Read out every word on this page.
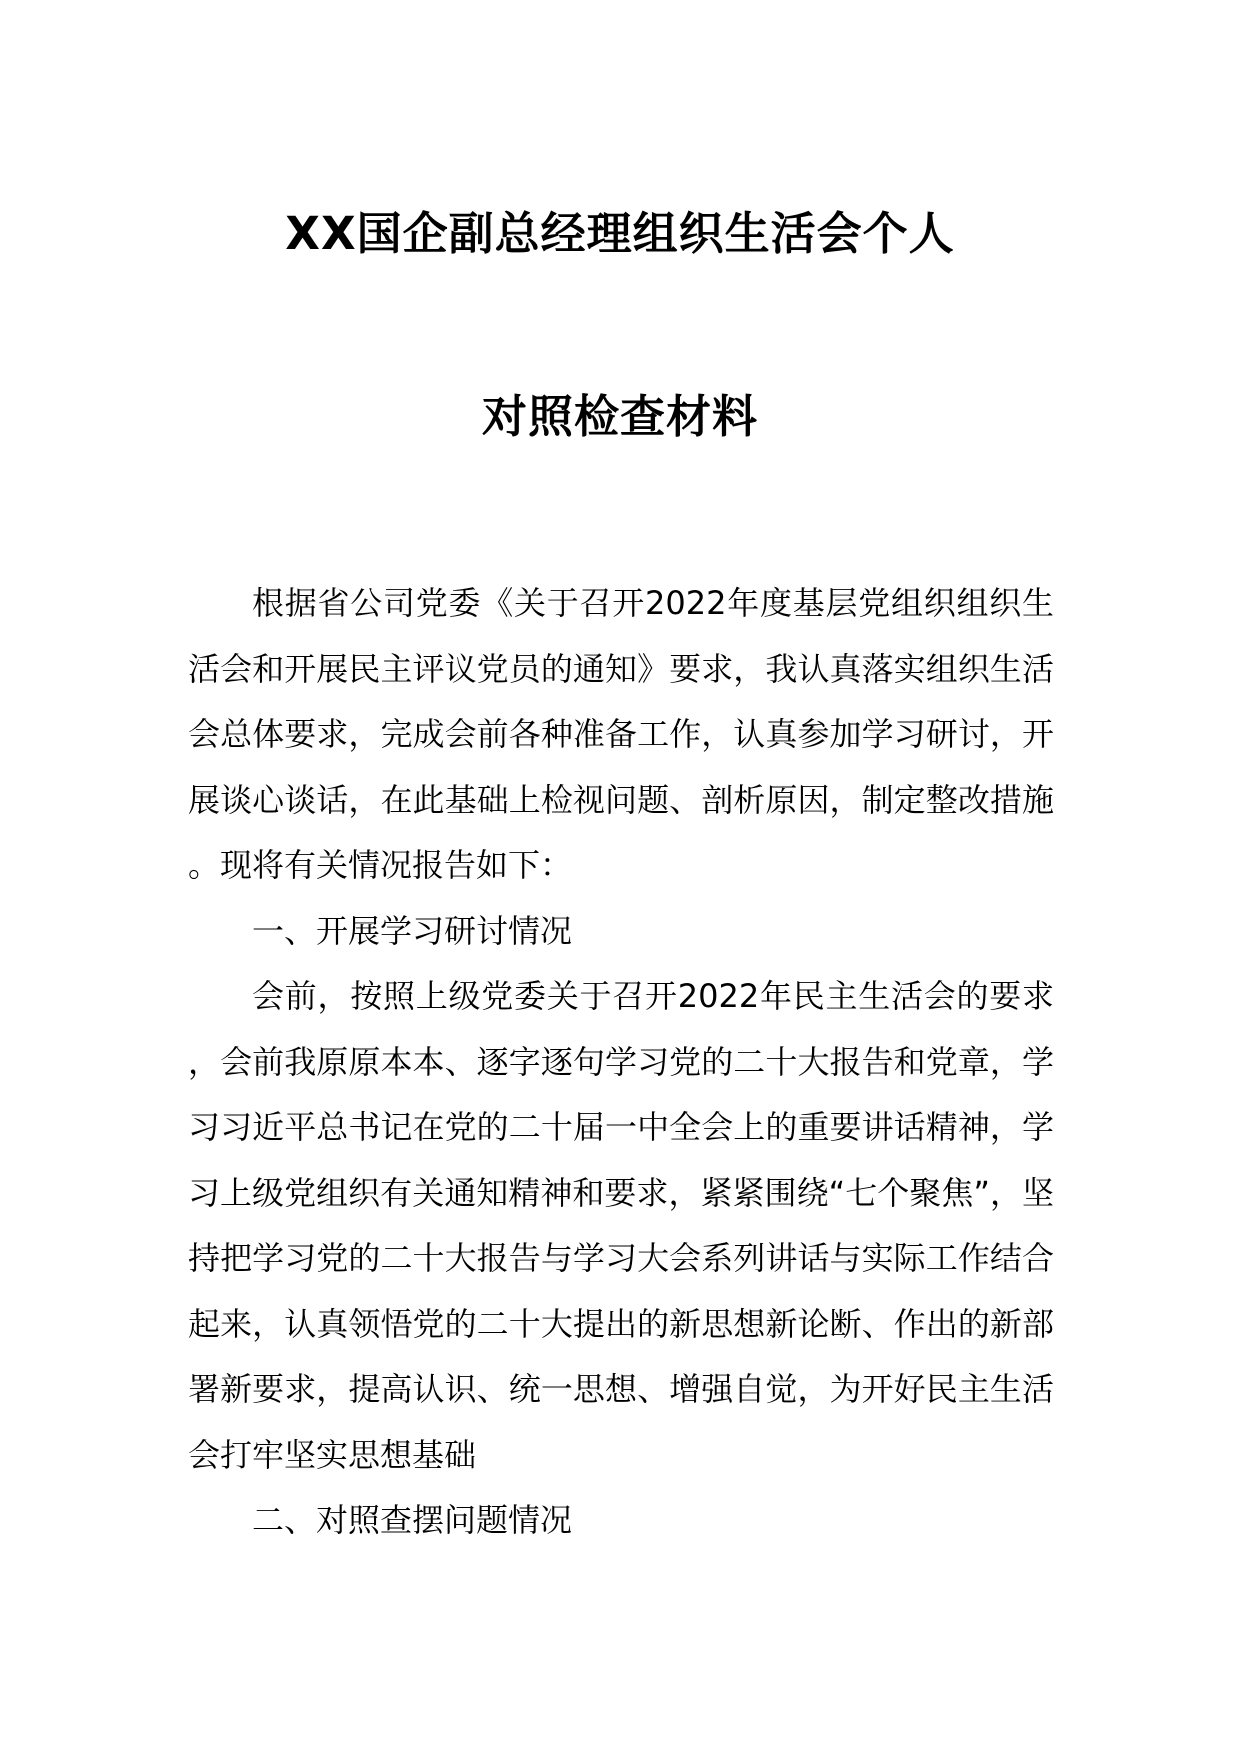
XX国企副总经理组织生活会个人
对照检查材料

根据省公司党委《关于召开2022年度基层党组织组织生活会和开展民主评议党员的通知》要求，我认真落实组织生活会总体要求，完成会前各种准备工作，认真参加学习研讨，开展谈心谈话，在此基础上检视问题、剖析原因，制定整改措施。现将有关情况报告如下：

一、开展学习研讨情况

会前，按照上级党委关于召开2022年民主生活会的要求，会前我原原本本、逐字逐句学习党的二十大报告和党章，学习习近平总书记在党的二十届一中全会上的重要讲话精神，学习上级党组织有关通知精神和要求，紧紧围绕“七个聚焦”，坚持把学习党的二十大报告与学习大会系列讲话与实际工作结合起来，认真领悟党的二十大提出的新思想新论断、作出的新部署新要求，提高认识、统一思想、增强自觉，为开好民主生活会打牢坚实思想基础

二、对照查摆问题情况
